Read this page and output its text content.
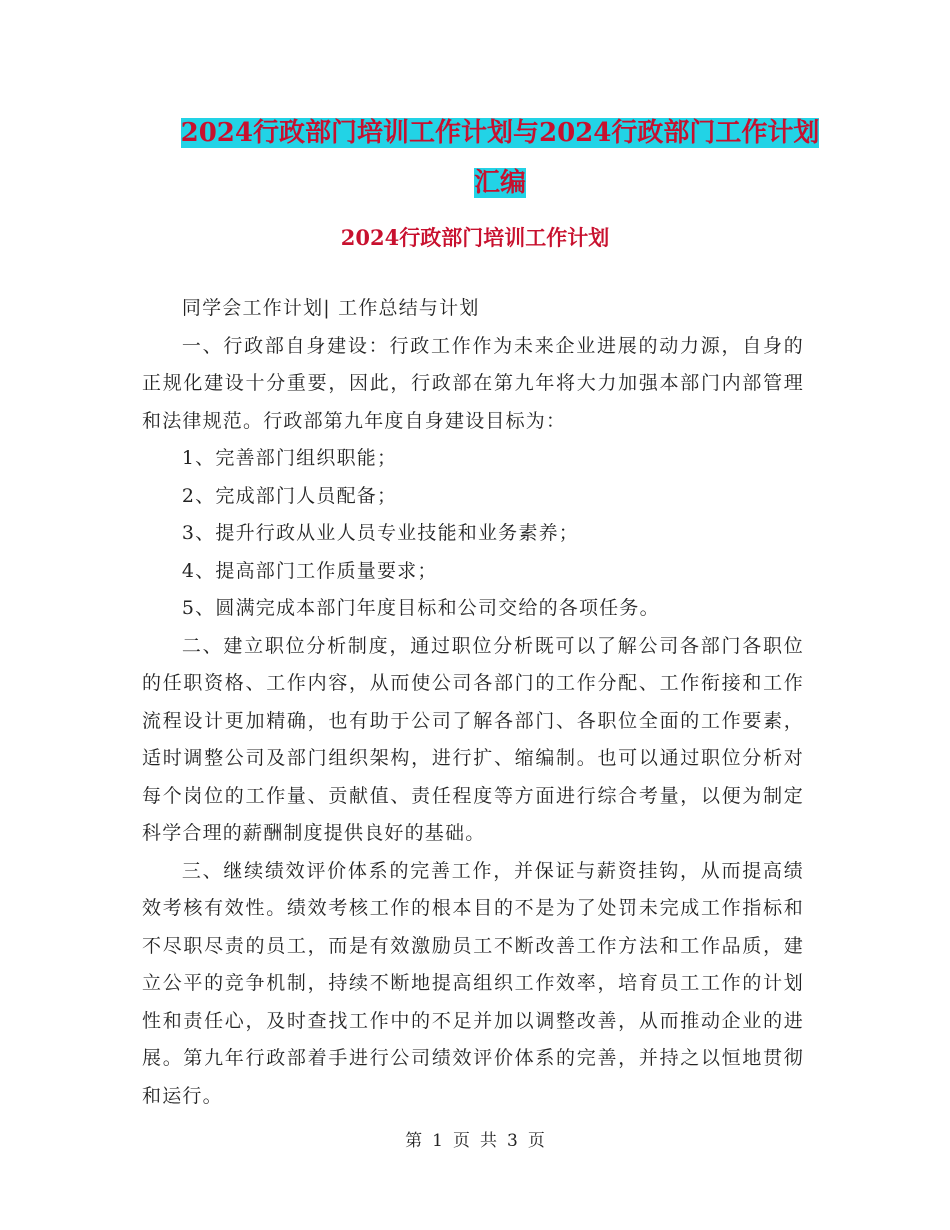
2024行政部门培训工作计划与2024行政部门工作计划
汇编
2024行政部门培训工作计划

同学会工作计划| 工作总结与计划

一、行政部自身建设：行政工作作为未来企业进展的动力源，自身的正规化建设十分重要，因此，行政部在第九年将大力加强本部门内部管理和法律规范。行政部第九年度自身建设目标为：

1、完善部门组织职能；

2、完成部门人员配备；

3、提升行政从业人员专业技能和业务素养；

4、提高部门工作质量要求；

5、圆满完成本部门年度目标和公司交给的各项任务。

二、建立职位分析制度，通过职位分析既可以了解公司各部门各职位的任职资格、工作内容，从而使公司各部门的工作分配、工作衔接和工作流程设计更加精确，也有助于公司了解各部门、各职位全面的工作要素，适时调整公司及部门组织架构，进行扩、缩编制。也可以通过职位分析对每个岗位的工作量、贡献值、责任程度等方面进行综合考量，以便为制定科学合理的薪酬制度提供良好的基础。

三、继续绩效评价体系的完善工作，并保证与薪资挂钩，从而提高绩效考核有效性。绩效考核工作的根本目的不是为了处罚未完成工作指标和不尽职尽责的员工，而是有效激励员工不断改善工作方法和工作品质，建立公平的竞争机制，持续不断地提高组织工作效率，培育员工工作的计划性和责任心，及时查找工作中的不足并加以调整改善，从而推动企业的进展。第九年行政部着手进行公司绩效评价体系的完善，并持之以恒地贯彻和运行。

第 1 页 共 3 页
